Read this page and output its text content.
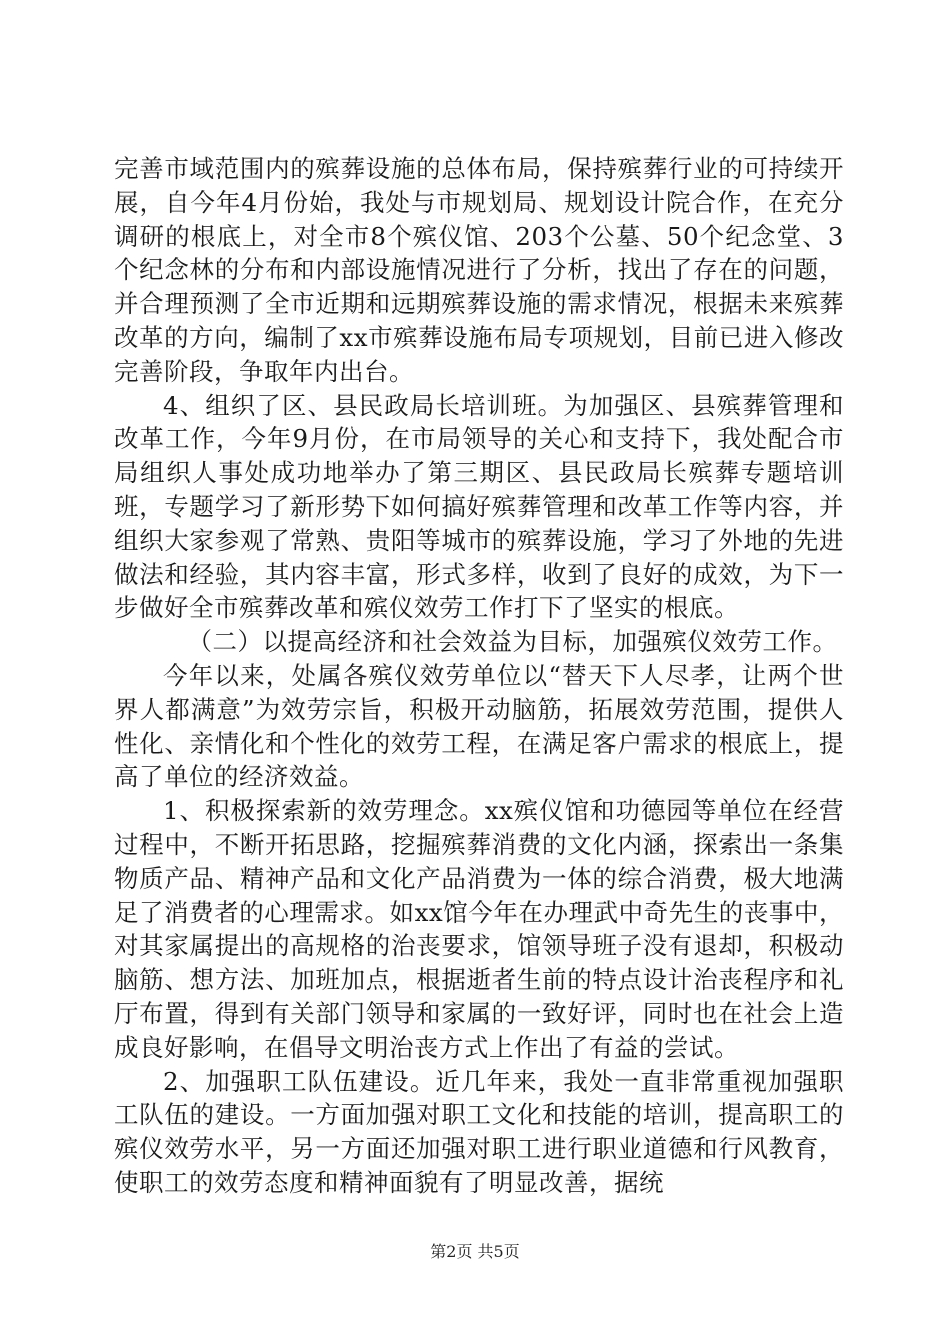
完善市域范围内的殡葬设施的总体布局，保持殡葬行业的可持续开展，自今年4月份始，我处与市规划局、规划设计院合作，在充分调研的根底上，对全市8个殡仪馆、203个公墓、50个纪念堂、3个纪念林的分布和内部设施情况进行了分析，找出了存在的问题，并合理预测了全市近期和远期殡葬设施的需求情况，根据未来殡葬改革的方向，编制了xx市殡葬设施布局专项规划，目前已进入修改完善阶段，争取年内出台。

4、组织了区、县民政局长培训班。为加强区、县殡葬管理和改革工作，今年9月份，在市局领导的关心和支持下，我处配合市局组织人事处成功地举办了第三期区、县民政局长殡葬专题培训班，专题学习了新形势下如何搞好殡葬管理和改革工作等内容，并组织大家参观了常熟、贵阳等城市的殡葬设施，学习了外地的先进做法和经验，其内容丰富，形式多样，收到了良好的成效，为下一步做好全市殡葬改革和殡仪效劳工作打下了坚实的根底。

（二）以提高经济和社会效益为目标，加强殡仪效劳工作。

今年以来，处属各殡仪效劳单位以“替天下人尽孝，让两个世界人都满意”为效劳宗旨，积极开动脑筋，拓展效劳范围，提供人性化、亲情化和个性化的效劳工程，在满足客户需求的根底上，提高了单位的经济效益。

1、积极探索新的效劳理念。xx殡仪馆和功德园等单位在经营过程中，不断开拓思路，挖掘殡葬消费的文化内涵，探索出一条集物质产品、精神产品和文化产品消费为一体的综合消费，极大地满足了消费者的心理需求。如xx馆今年在办理武中奇先生的丧事中，对其家属提出的高规格的治丧要求，馆领导班子没有退却，积极动脑筋、想方法、加班加点，根据逝者生前的特点设计治丧程序和礼厅布置，得到有关部门领导和家属的一致好评，同时也在社会上造成良好影响，在倡导文明治丧方式上作出了有益的尝试。

2、加强职工队伍建设。近几年来，我处一直非常重视加强职工队伍的建设。一方面加强对职工文化和技能的培训，提高职工的殡仪效劳水平，另一方面还加强对职工进行职业道德和行风教育，使职工的效劳态度和精神面貌有了明显改善，据统

第2页 共5页
